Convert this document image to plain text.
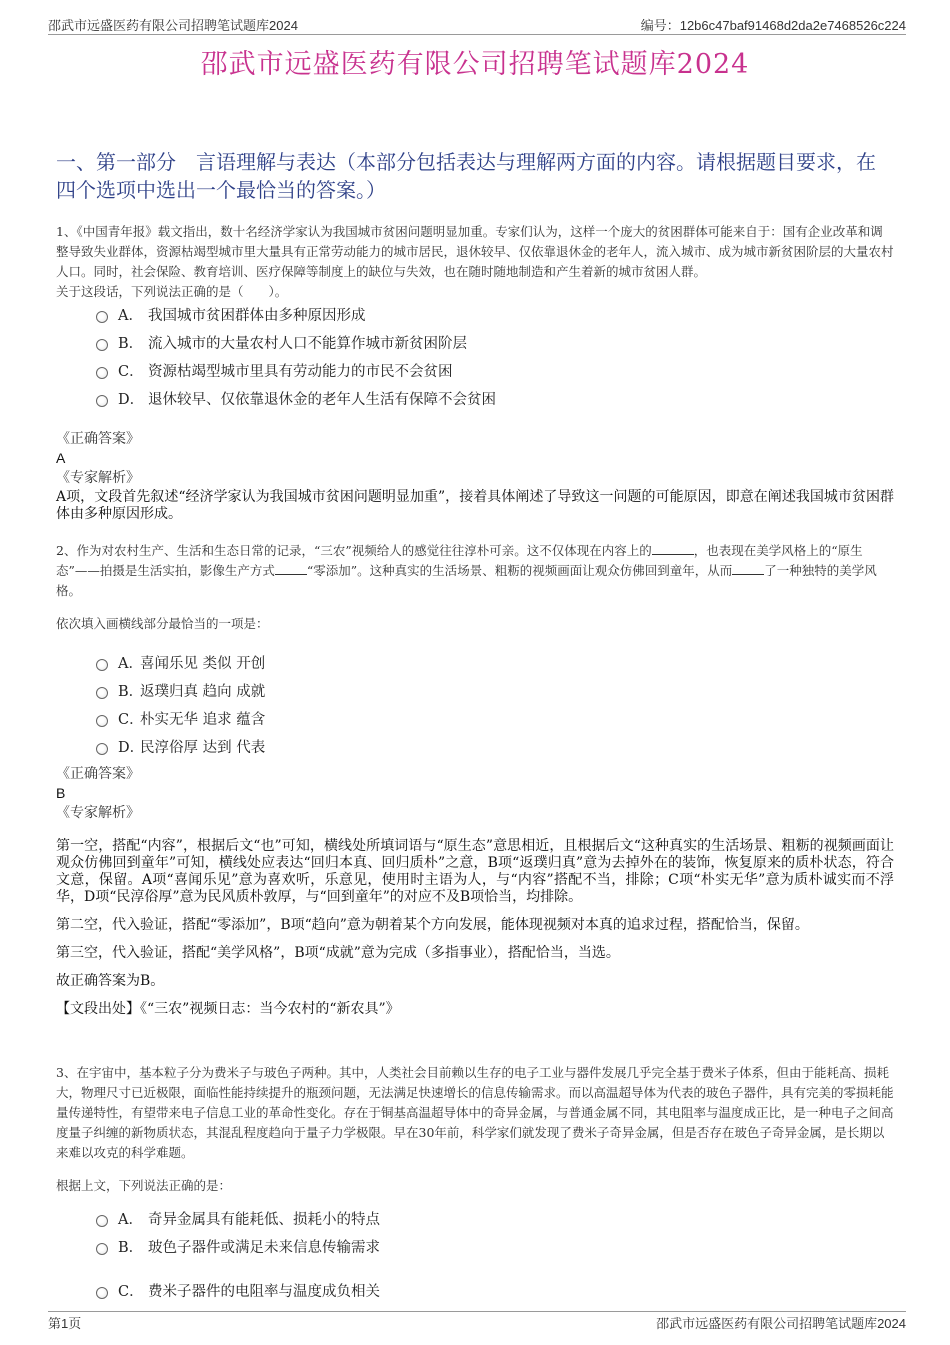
邵武市远盛医药有限公司招聘笔试题库2024	编号：12b6c47baf91468d2da2e7468526c224
邵武市远盛医药有限公司招聘笔试题库2024
一、第一部分　言语理解与表达（本部分包括表达与理解两方面的内容。请根据题目要求，在四个选项中选出一个最恰当的答案。）
1、《中国青年报》载文指出，数十名经济学家认为我国城市贫困问题明显加重。专家们认为，这样一个庞大的贫困群体可能来自于：国有企业改革和调整导致失业群体，资源枯竭型城市里大量具有正常劳动能力的城市居民，退休较早、仅依靠退休金的老年人，流入城市、成为城市新贫困阶层的大量农村人口。同时，社会保险、教育培训、医疗保障等制度上的缺位与失效，也在随时随地制造和产生着新的城市贫困人群。
关于这段话，下列说法正确的是（　　）。
A． 我国城市贫困群体由多种原因形成
B． 流入城市的大量农村人口不能算作城市新贫困阶层
C． 资源枯竭型城市里具有劳动能力的市民不会贫困
D． 退休较早、仅依靠退休金的老年人生活有保障不会贫困
《正确答案》
A
《专家解析》
A项，文段首先叙述“经济学家认为我国城市贫困问题明显加重”，接着具体阐述了导致这一问题的可能原因，即意在阐述我国城市贫困群体由多种原因形成。
2、作为对农村生产、生活和生态日常的记录，“三农”视频给人的感觉往往淳朴可亲。这不仅体现在内容上的	，也表现在美学风格上的“原生态”——拍摄是生活实拍，影像生产方式	“零添加”。这种真实的生活场景、粗粝的视频画面让观众仿佛回到童年，从而	了一种独特的美学风格。
依次填入画横线部分最恰当的一项是：
A．
喜闻乐见 类似 开创
B．
返璞归真 趋向 成就
C．
朴实无华 追求 蕴含
D．
民淳俗厚 达到 代表
《正确答案》
B
《专家解析》

第一空，搭配“内容”，根据后文“也”可知，横线处所填词语与“原生态”意思相近，且根据后文“这种真实的生活场景、粗粝的视频画面让观众仿佛回到童年”可知，横线处应表达“回归本真、回归质朴”之意，B项“返璞归真”意为去掉外在的装饰，恢复原来的质朴状态，符合文意，保留。A项“喜闻乐见”意为喜欢听，乐意见，使用时主语为人，与“内容”搭配不当，排除；C项“朴实无华”意为质朴诚实而不浮华，D项“民淳俗厚”意为民风质朴敦厚，与“回到童年”的对应不及B项恰当，均排除。

第二空，代入验证，搭配“零添加”，B项“趋向”意为朝着某个方向发展，能体现视频对本真的追求过程，搭配恰当，保留。

第三空，代入验证，搭配“美学风格”，B项“成就”意为完成（多指事业），搭配恰当，当选。

故正确答案为B。

【文段出处】《“三农”视频日志：当今农村的“新农具”》

3、在宇宙中，基本粒子分为费米子与玻色子两种。其中，人类社会目前赖以生存的电子工业与器件发展几乎完全基于费米子体系，但由于能耗高、损耗大，物理尺寸已近极限，面临性能持续提升的瓶颈问题，无法满足快速增长的信息传输需求。而以高温超导体为代表的玻色子器件，具有完美的零损耗能量传递特性，有望带来电子信息工业的革命性变化。存在于铜基高温超导体中的奇异金属，与普通金属不同，其电阻率与温度成正比，是一种电子之间高度量子纠缠的新物质状态，其混乱程度趋向于量子力学极限。早在30年前，科学家们就发现了费米子奇异金属，但是否存在玻色子奇异金属，是长期以来难以攻克的科学难题。
根据上文，下列说法正确的是：
A． 奇异金属具有能耗低、损耗小的特点
B． 玻色子器件或满足未来信息传输需求
C． 费米子器件的电阻率与温度成负相关
第1页	邵武市远盛医药有限公司招聘笔试题库2024
